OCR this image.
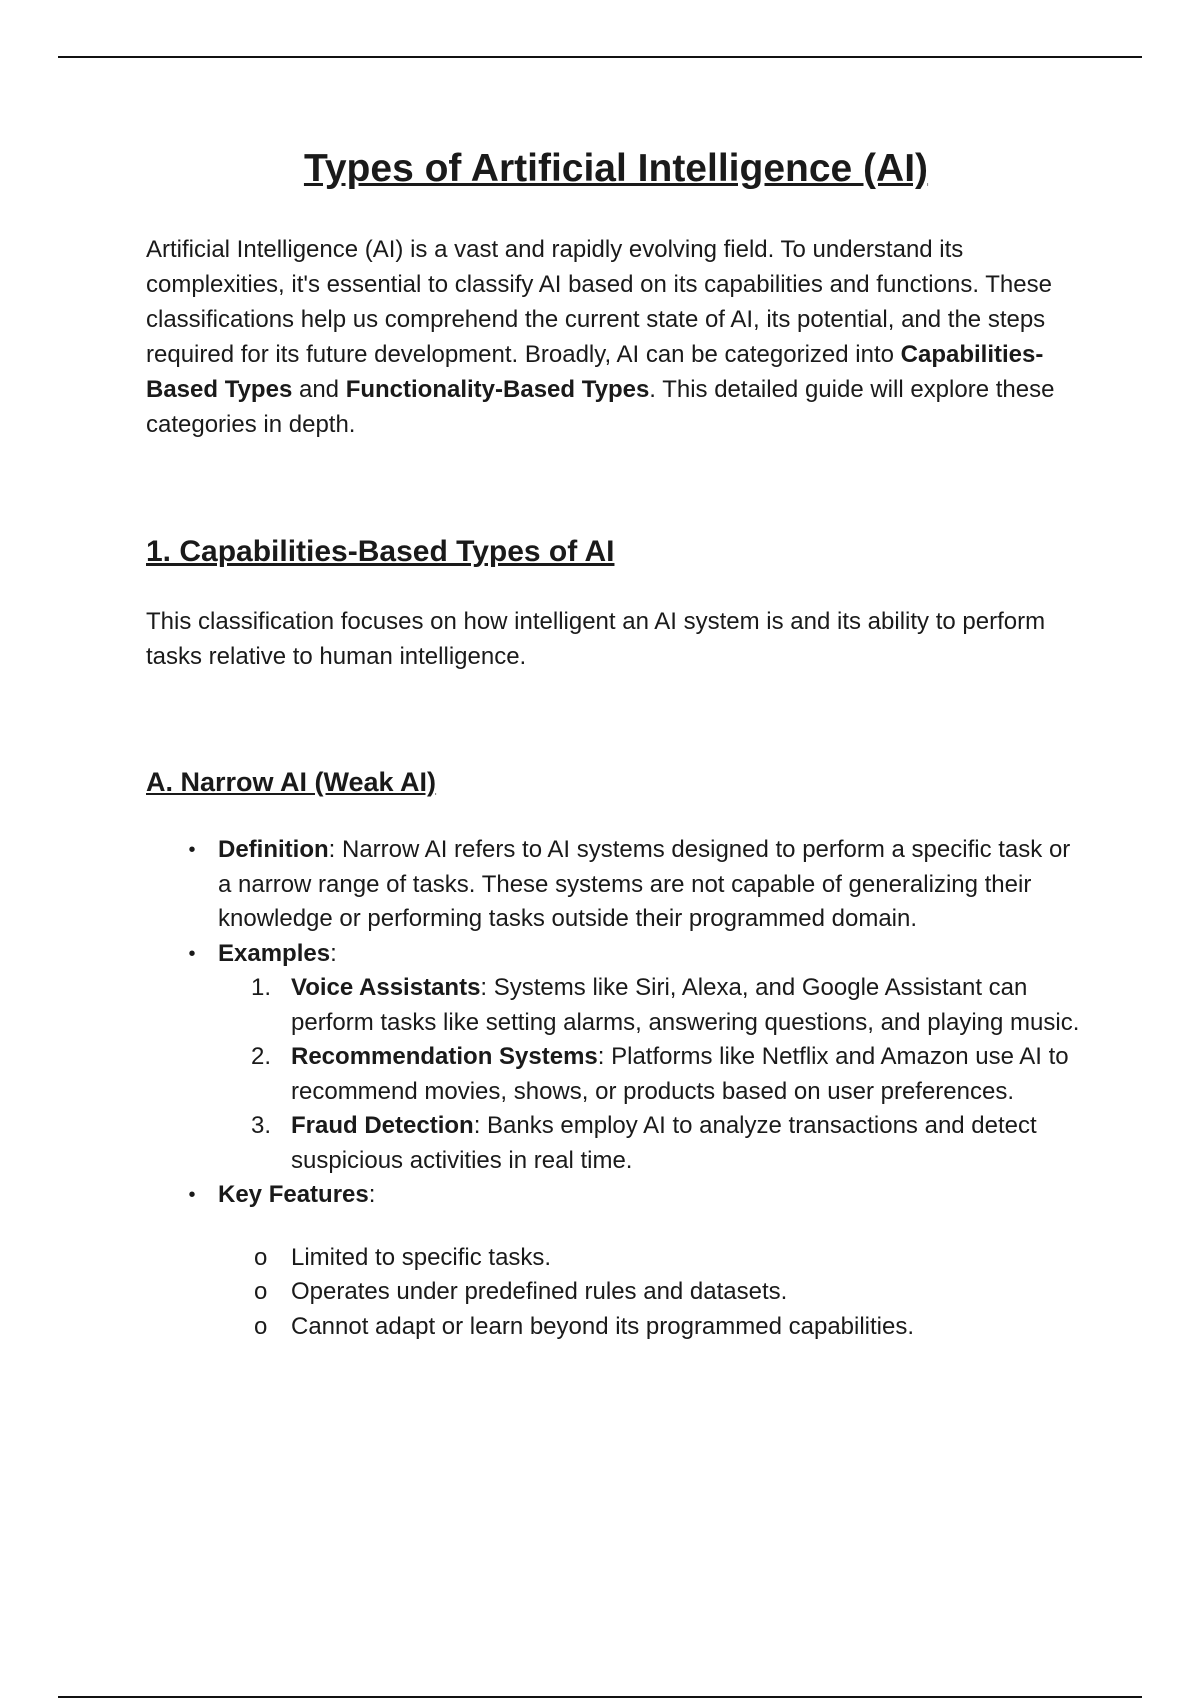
Types of Artificial Intelligence (AI)

Artificial Intelligence (AI) is a vast and rapidly evolving field. To understand its complexities, it's essential to classify AI based on its capabilities and functions. These classifications help us comprehend the current state of AI, its potential, and the steps required for its future development. Broadly, AI can be categorized into Capabilities-Based Types and Functionality-Based Types. This detailed guide will explore these categories in depth.

1. Capabilities-Based Types of AI

This classification focuses on how intelligent an AI system is and its ability to perform tasks relative to human intelligence.

A. Narrow AI (Weak AI)
• Definition: Narrow AI refers to AI systems designed to perform a specific task or a narrow range of tasks. These systems are not capable of generalizing their knowledge or performing tasks outside their programmed domain.
• Examples:
1. Voice Assistants: Systems like Siri, Alexa, and Google Assistant can perform tasks like setting alarms, answering questions, and playing music.
2. Recommendation Systems: Platforms like Netflix and Amazon use AI to recommend movies, shows, or products based on user preferences.
3. Fraud Detection: Banks employ AI to analyze transactions and detect suspicious activities in real time.
• Key Features:
o Limited to specific tasks.
o Operates under predefined rules and datasets.
o Cannot adapt or learn beyond its programmed capabilities.
